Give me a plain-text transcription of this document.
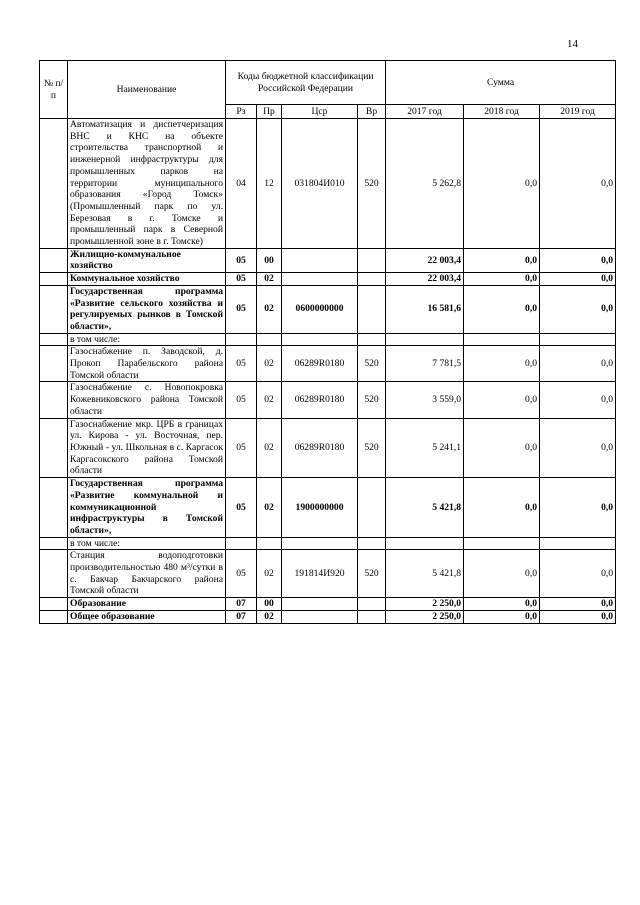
14
№ п/п	Наименование	Коды бюджетной классификации Российской Федерации				Сумма		
		Рз	Пр	Цср	Вр	2017 год	2018 год	2019 год
	Автоматизация и диспетчеризация ВНС и КНС на объекте строительства транспортной и инженерной инфраструктуры для промышленных парков на территории муниципального образования «Город Томск» (Промышленный парк по ул. Березовая в г. Томске и промышленный парк в Северной промышленной зоне в г. Томске)	04	12	031804И010	520	5 262,8	0,0	0,0
	Жилищно-коммунальное хозяйство	05	00			22 003,4	0,0	0,0
	Коммунальное хозяйство	05	02			22 003,4	0,0	0,0
	Государственная программа «Развитие сельского хозяйства и регулируемых рынков в Томской области»,	05	02	0600000000		16 581,6	0,0	0,0
	в том числе:							
	Газоснабжение п. Заводской, д. Прокоп Парабельского района Томской области	05	02	06289R0180	520	7 781,5	0,0	0,0
	Газоснабжение с. Новопокровка Кожевниковского района Томской области	05	02	06289R0180	520	3 559,0	0,0	0,0
	Газоснабжение мкр. ЦРБ в границах ул. Кирова - ул. Восточная, пер. Южный - ул. Школьная в с. Каргасок Каргасокского района Томской области	05	02	06289R0180	520	5 241,1	0,0	0,0
	Государственная программа «Развитие коммунальной и коммуникационной инфраструктуры в Томской области»,	05	02	1900000000		5 421,8	0,0	0,0
	в том числе:							
	Станция водоподготовки производительностью 480 м³/сутки в с. Бакчар Бакчарского района Томской области	05	02	191814И920	520	5 421,8	0,0	0,0
	Образование	07	00			2 250,0	0,0	0,0
	Общее образование	07	02			2 250,0	0,0	0,0
